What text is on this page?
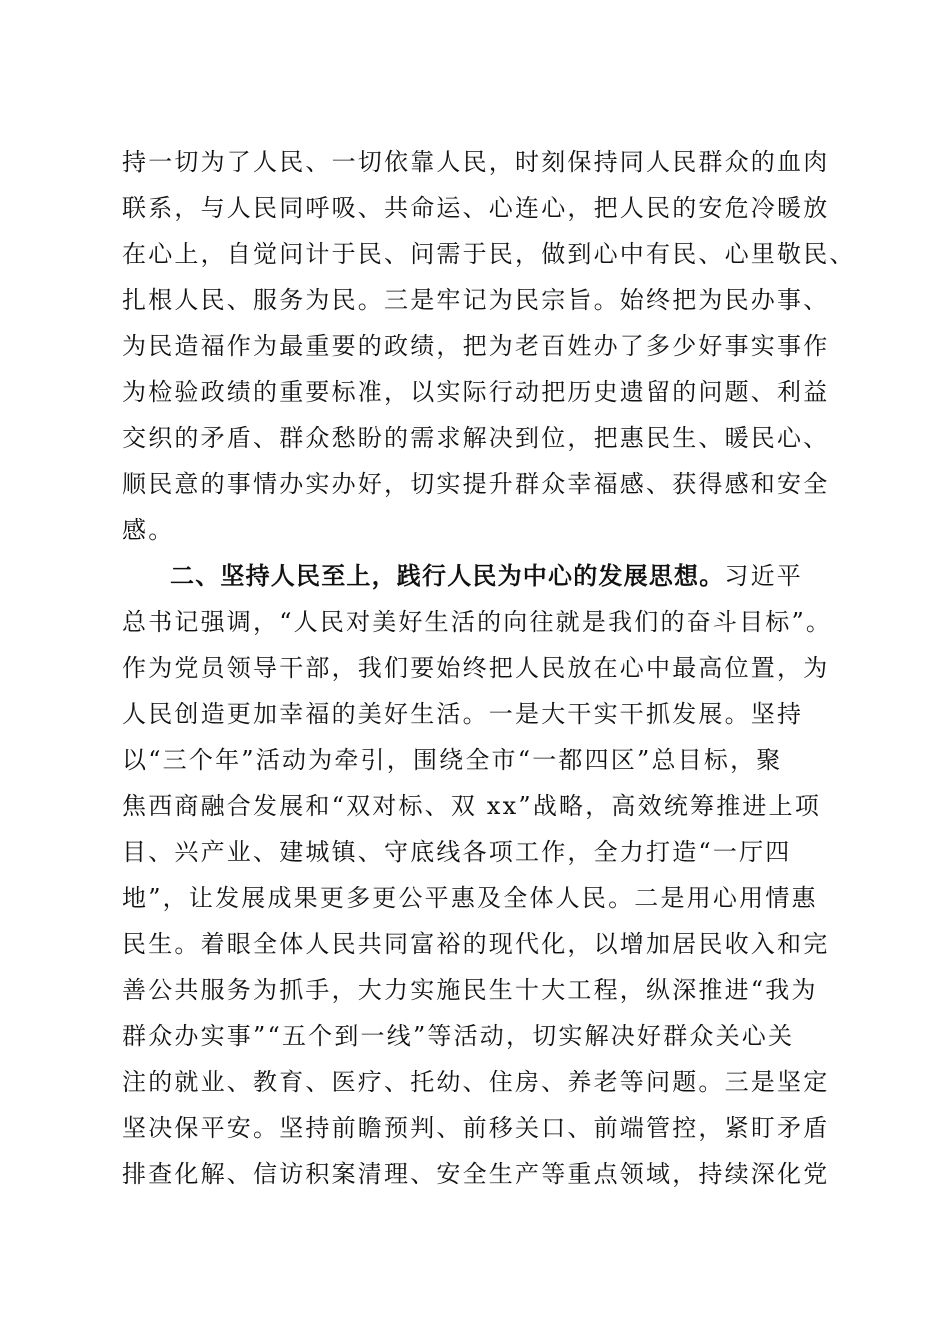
持一切为了人民、一切依靠人民，时刻保持同人民群众的血肉
联系，与人民同呼吸、共命运、心连心，把人民的安危冷暖放
在心上，自觉问计于民、问需于民，做到心中有民、心里敬民、
扎根人民、服务为民。三是牢记为民宗旨。始终把为民办事、
为民造福作为最重要的政绩，把为老百姓办了多少好事实事作
为检验政绩的重要标准，以实际行动把历史遗留的问题、利益
交织的矛盾、群众愁盼的需求解决到位，把惠民生、暖民心、
顺民意的事情办实办好，切实提升群众幸福感、获得感和安全
感。
二、坚持人民至上，践行人民为中心的发展思想。习近平
总书记强调，“人民对美好生活的向往就是我们的奋斗目标”。
作为党员领导干部，我们要始终把人民放在心中最高位置，为
人民创造更加幸福的美好生活。一是大干实干抓发展。坚持
以“三个年”活动为牵引，围绕全市“一都四区”总目标，聚
焦西商融合发展和“双对标、双 xx”战略，高效统筹推进上项
目、兴产业、建城镇、守底线各项工作，全力打造“一厅四
地”，让发展成果更多更公平惠及全体人民。二是用心用情惠
民生。着眼全体人民共同富裕的现代化，以增加居民收入和完
善公共服务为抓手，大力实施民生十大工程，纵深推进“我为
群众办实事”“五个到一线”等活动，切实解决好群众关心关
注的就业、教育、医疗、托幼、住房、养老等问题。三是坚定
坚决保平安。坚持前瞻预判、前移关口、前端管控，紧盯矛盾
排查化解、信访积案清理、安全生产等重点领域，持续深化党
